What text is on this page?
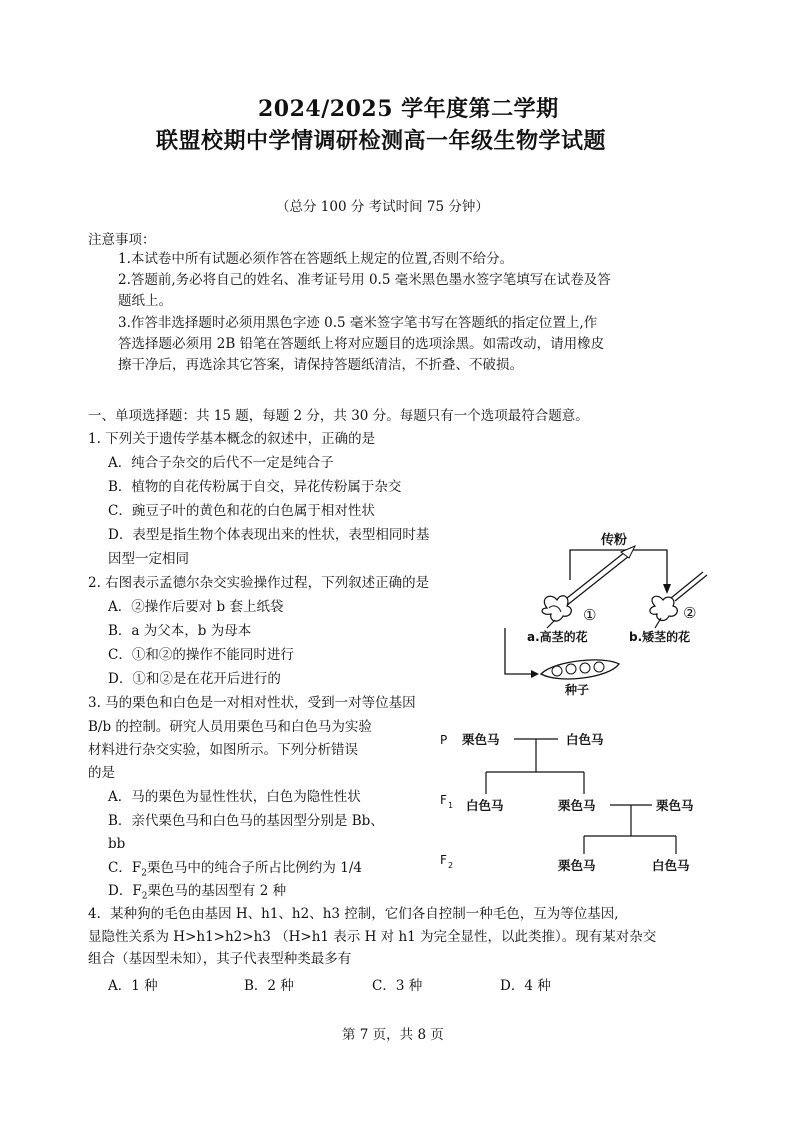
2024/2025 学年度第二学期
联盟校期中学情调研检测高一年级生物学试题
（总分 100 分 考试时间 75 分钟）
注意事项：
1.本试卷中所有试题必须作答在答题纸上规定的位置,否则不给分。
2.答题前,务必将自己的姓名、准考证号用 0.5 毫米黑色墨水签字笔填写在试卷及答
题纸上。
3.作答非选择题时必须用黑色字迹 0.5 毫米签字笔书写在答题纸的指定位置上,作
答选择题必须用 2B 铅笔在答题纸上将对应题目的选项涂黑。如需改动，请用橡皮
擦干净后，再选涂其它答案，请保持答题纸清洁，不折叠、不破损。
一、单项选择题：共 15 题，每题 2 分，共 30 分。每题只有一个选项最符合题意。
1. 下列关于遗传学基本概念的叙述中，正确的是
A．纯合子杂交的后代不一定是纯合子
B．植物的自花传粉属于自交，异花传粉属于杂交
C．豌豆子叶的黄色和花的白色属于相对性状
D．表型是指生物个体表现出来的性状，表型相同时基
因型一定相同
2. 右图表示孟德尔杂交实验操作过程，下列叙述正确的是
A．②操作后要对 b 套上纸袋
B．a 为父本，b 为母本
C．①和②的操作不能同时进行
D．①和②是在花开后进行的
传粉
①	②
a.高茎的花	b.矮茎的花
种子
3. 马的栗色和白色是一对相对性状，受到一对等位基因
B/b 的控制。研究人员用栗色马和白色马为实验
材料进行杂交实验，如图所示。下列分析错误
的是
A．马的栗色为显性性状，白色为隐性性状
B．亲代栗色马和白色马的基因型分别是 Bb、
bb
C．$F_2$栗色马中的纯合子所占比例约为 1/4
D．$F_2$栗色马的基因型有 2 种
P 栗色马	白色马
F 1 白色马	栗色马	栗色马
F 2	栗色马	白色马
4．某种狗的毛色由基因 H、h1、h2、h3 控制，它们各自控制一种毛色，互为等位基因,
显隐性关系为 H>h1>h2>h3 （H>h1 表示 H 对 h1 为完全显性，以此类推）。现有某对杂交
组合（基因型未知），其子代表型种类最多有
A．1 种	B．2 种	C．3 种	D．4 种
第 7 页，共 8 页
